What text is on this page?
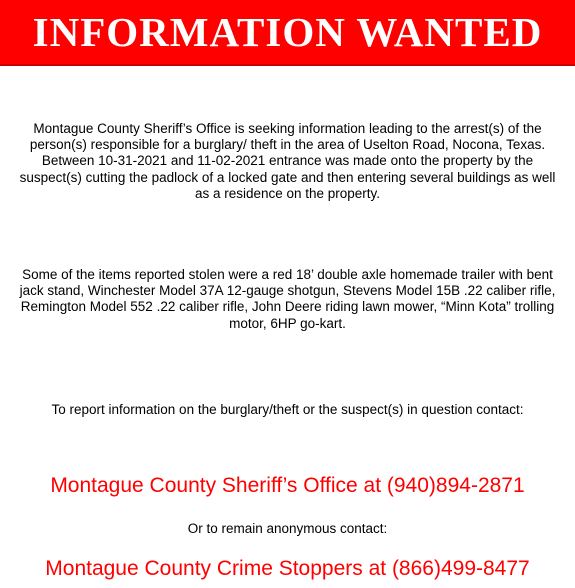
INFORMATION WANTED
Montague County Sheriff’s Office is seeking information leading to the arrest(s) of the person(s) responsible for a burglary/ theft in the area of Uselton Road, Nocona, Texas. Between 10-31-2021 and 11-02-2021 entrance was made onto the property by the suspect(s) cutting the padlock of a locked gate and then entering several buildings as well as a residence on the property.
Some of the items reported stolen were a red 18’ double axle homemade trailer with bent jack stand, Winchester Model 37A 12-gauge shotgun, Stevens Model 15B .22 caliber rifle, Remington Model 552 .22 caliber rifle, John Deere riding lawn mower, “Minn Kota” trolling motor, 6HP go-kart.
To report information on the burglary/theft or the suspect(s) in question contact:
Montague County Sheriff’s Office at (940)894-2871
Or to remain anonymous contact:
Montague County Crime Stoppers at (866)499-8477
